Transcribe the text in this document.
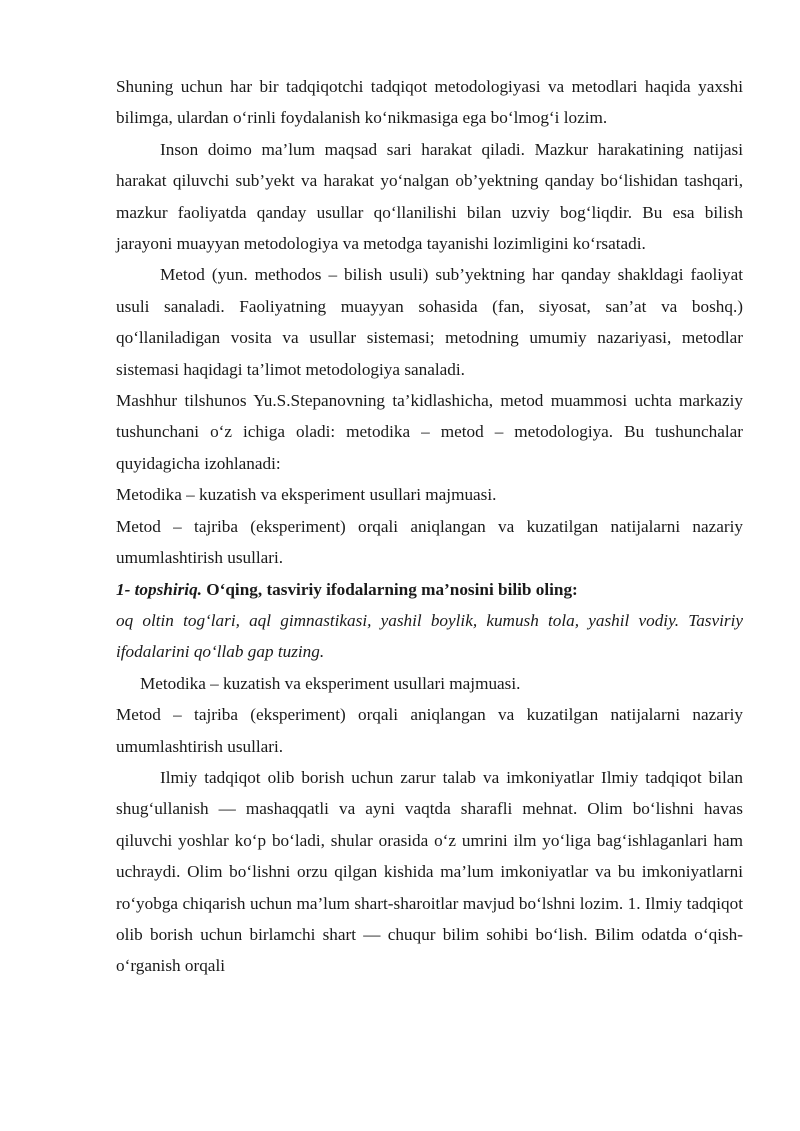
Shuning uchun har bir tadqiqotchi tadqiqot metodologiyasi va metodlari haqida yaxshi bilimga, ulardan o‘rinli foydalanish ko‘nikmasiga ega bo‘lmog‘i lozim.

Inson doimo ma’lum maqsad sari harakat qiladi. Mazkur harakatining natijasi harakat qiluvchi sub’yekt va harakat yo‘nalgan ob’yektning qanday bo‘lishidan tashqari, mazkur faoliyatda qanday usullar qo‘llanilishi bilan uzviy bog‘liqdir. Bu esa bilish jarayoni muayyan metodologiya va metodga tayanishi lozimligini ko‘rsatadi.

Metod (yun. methodos – bilish usuli) sub’yektning har qanday shakldagi faoliyat usuli sanaladi. Faoliyatning muayyan sohasida (fan, siyosat, san’at va boshq.) qo‘llaniladigan vosita va usullar sistemasi; metodning umumiy nazariyasi, metodlar sistemasi haqidagi ta’limot metodologiya sanaladi.

Mashhur tilshunos Yu.S.Stepanovning ta’kidlashicha, metod muammosi uchta markaziy tushunchani o‘z ichiga oladi: metodika – metod – metodologiya. Bu tushunchalar quyidagicha izohlanadi:

Metodika – kuzatish va eksperiment usullari majmuasi.

Metod – tajriba (eksperiment) orqali aniqlangan va kuzatilgan natijalarni nazariy umumlashtirish usullari.

1- topshiriq. O‘qing, tasviriy ifodalarning ma’nosini bilib oling:

oq oltin tog‘lari, aql gimnastikasi, yashil boylik, kumush tola, yashil vodiy. Tasviriy ifodalarini qo‘llab gap tuzing.

Metodika – kuzatish va eksperiment usullari majmuasi.

Metod – tajriba (eksperiment) orqali aniqlangan va kuzatilgan natijalarni nazariy umumlashtirish usullari.

Ilmiy tadqiqot olib borish uchun zarur talab va imkoniyatlar Ilmiy tadqiqot bilan shug‘ullanish — mashaqqatli va ayni vaqtda sharafli mehnat. Olim bo‘lishni havas qiluvchi yoshlar ko‘p bo‘ladi, shular orasida o‘z umrini ilm yo‘liga bag‘ishlaganlari ham uchraydi. Olim bo‘lishni orzu qilgan kishida ma’lum imkoniyatlar va bu imkoniyatlarni ro‘yobga chiqarish uchun ma’lum shart-sharoitlar mavjud bo‘lshni lozim. 1. Ilmiy tadqiqot olib borish uchun birlamchi shart — chuqur bilim sohibi bo‘lish. Bilim odatda o‘qish-o‘rganish orqali
